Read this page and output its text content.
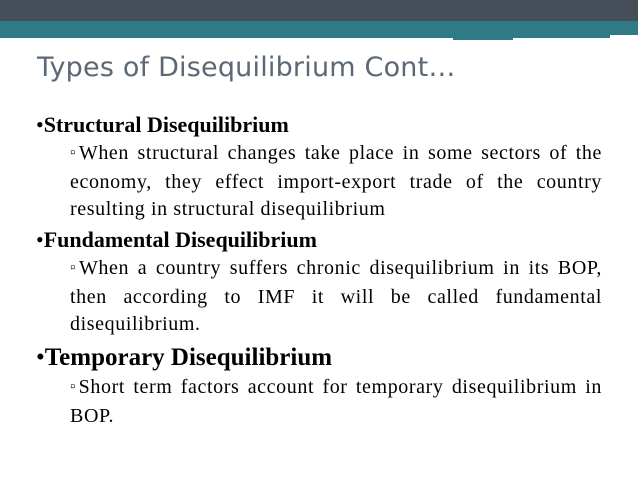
Types of Disequilibrium Cont…

•Structural Disequilibrium

▫When structural changes take place in some sectors of the economy, they effect import-export trade of the country resulting in structural disequilibrium

•Fundamental Disequilibrium

▫When a country suffers chronic disequilibrium in its BOP, then according to IMF it will be called fundamental disequilibrium.

•Temporary Disequilibrium

▫Short term factors account for temporary disequilibrium in BOP.
